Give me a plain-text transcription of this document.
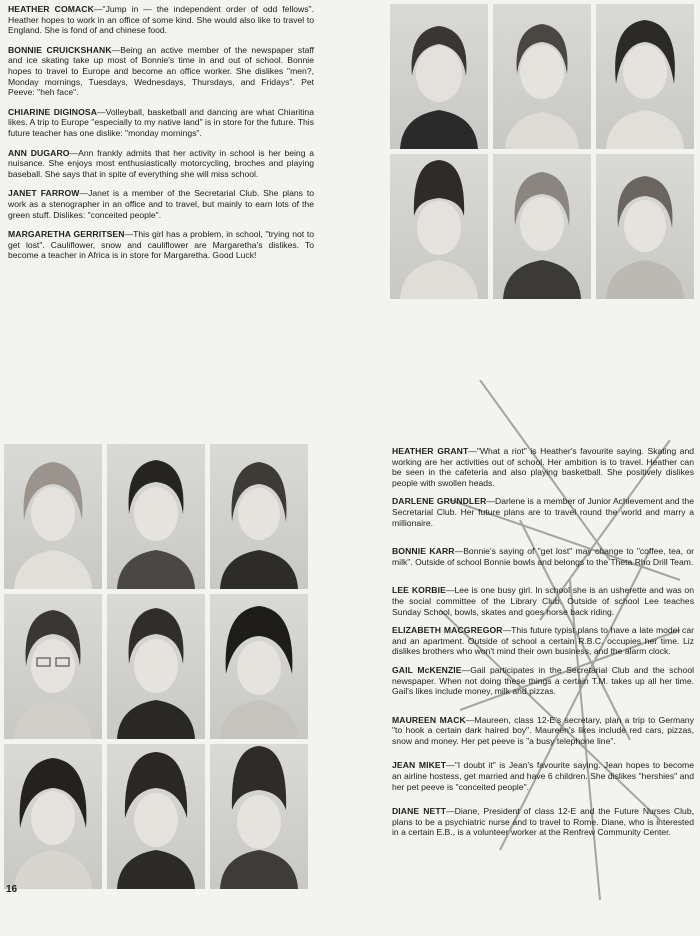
HEATHER COMACK—"Jump in — the independent order of odd fellows". Heather hopes to work in an office of some kind. She would also like to travel to England. She is fond of and chinese food.

BONNIE CRUICKSHANK—Being an active member of the newspaper staff and ice skating take up most of Bonnie's time in and out of school. Bonnie hopes to travel to Europe and become an office worker. She dislikes "men?, Monday mornings, Tuesdays, Wednesdays, Thursdays, and Fridays". Pet Peeve: "heh face".

CHIARINE DIGINOSA—Volleyball, basketball and dancing are what Chiaritina likes. A trip to Europe "especially to my native land" is in store for the future. This future teacher has one dislike: "monday mornings".

ANN DUGARO—Ann frankly admits that her activity in school is her being a nuisance. She enjoys most enthusiastically motorcycling, broches and playing baseball. She says that in spite of everything she will miss school.

JANET FARROW—Janet is a member of the Secretarial Club. She plans to work as a stenographer in an office and to travel, but mainly to earn lots of the green stuff. Dislikes: "conceited people".

MARGARETHA GERRITSEN—This girl has a problem, in school, "trying not to get lost". Cauliflower, snow and cauliflower are Margaretha's dislikes. To become a teacher in Africa is in store for Margaretha. Good Luck!

HEATHER GRANT—"What a riot" is Heather's favourite saying. Skating and working are her activities out of school. Her ambition is to travel. Heather can be seen in the cafeteria and also playing basketball. She positively dislikes people with swollen heads.

DARLENE GRUNDLER—Darlene is a member of Junior Achievement and the Secretarial Club. Her future plans are to travel round the world and marry a millionaire.

BONNIE KARR—Bonnie's saying of "get lost" may change to "coffee, tea, or milk". Outside of school Bonnie bowls and belongs to the Theta Rho Drill Team.

LEE KORBIE—Lee is one busy girl. In school she is an usherette and was on the social committee of the Library Club. Outside of school Lee teaches Sunday School, bowls, skates and goes horse back riding.

ELIZABETH MACGREGOR—This future typist plans to have a late model car and an apartment. Outside of school a certain R.B.C. occupies her time. Liz dislikes brothers who won't mind their own business, and the alarm clock.

GAIL McKENZIE—Gail participates in the Secretarial Club and the school newspaper. When not doing these things a certain T.M. takes up all her time. Gail's likes include money, milk and pizzas.

MAUREEN MACK—Maureen, class 12-E's secretary, plan a trip to Germany "to hook a certain dark haired boy". Maureen's likes include red cars, pizzas, snow and money. Her pet peeve is "a busy telephone line".

JEAN MIKET—"I doubt it" is Jean's favourite saying. Jean hopes to become an airline hostess, get married and have 6 children. She dislikes "hershies" and her pet peeve is "conceited people".

DIANE NETT—Diane, President of class 12-E and the Future Nurses Club, plans to be a psychiatric nurse and to travel to Rome. Diane, who is interested in a certain E.B., is a volunteer worker at the Renfrew Community Center.

16
